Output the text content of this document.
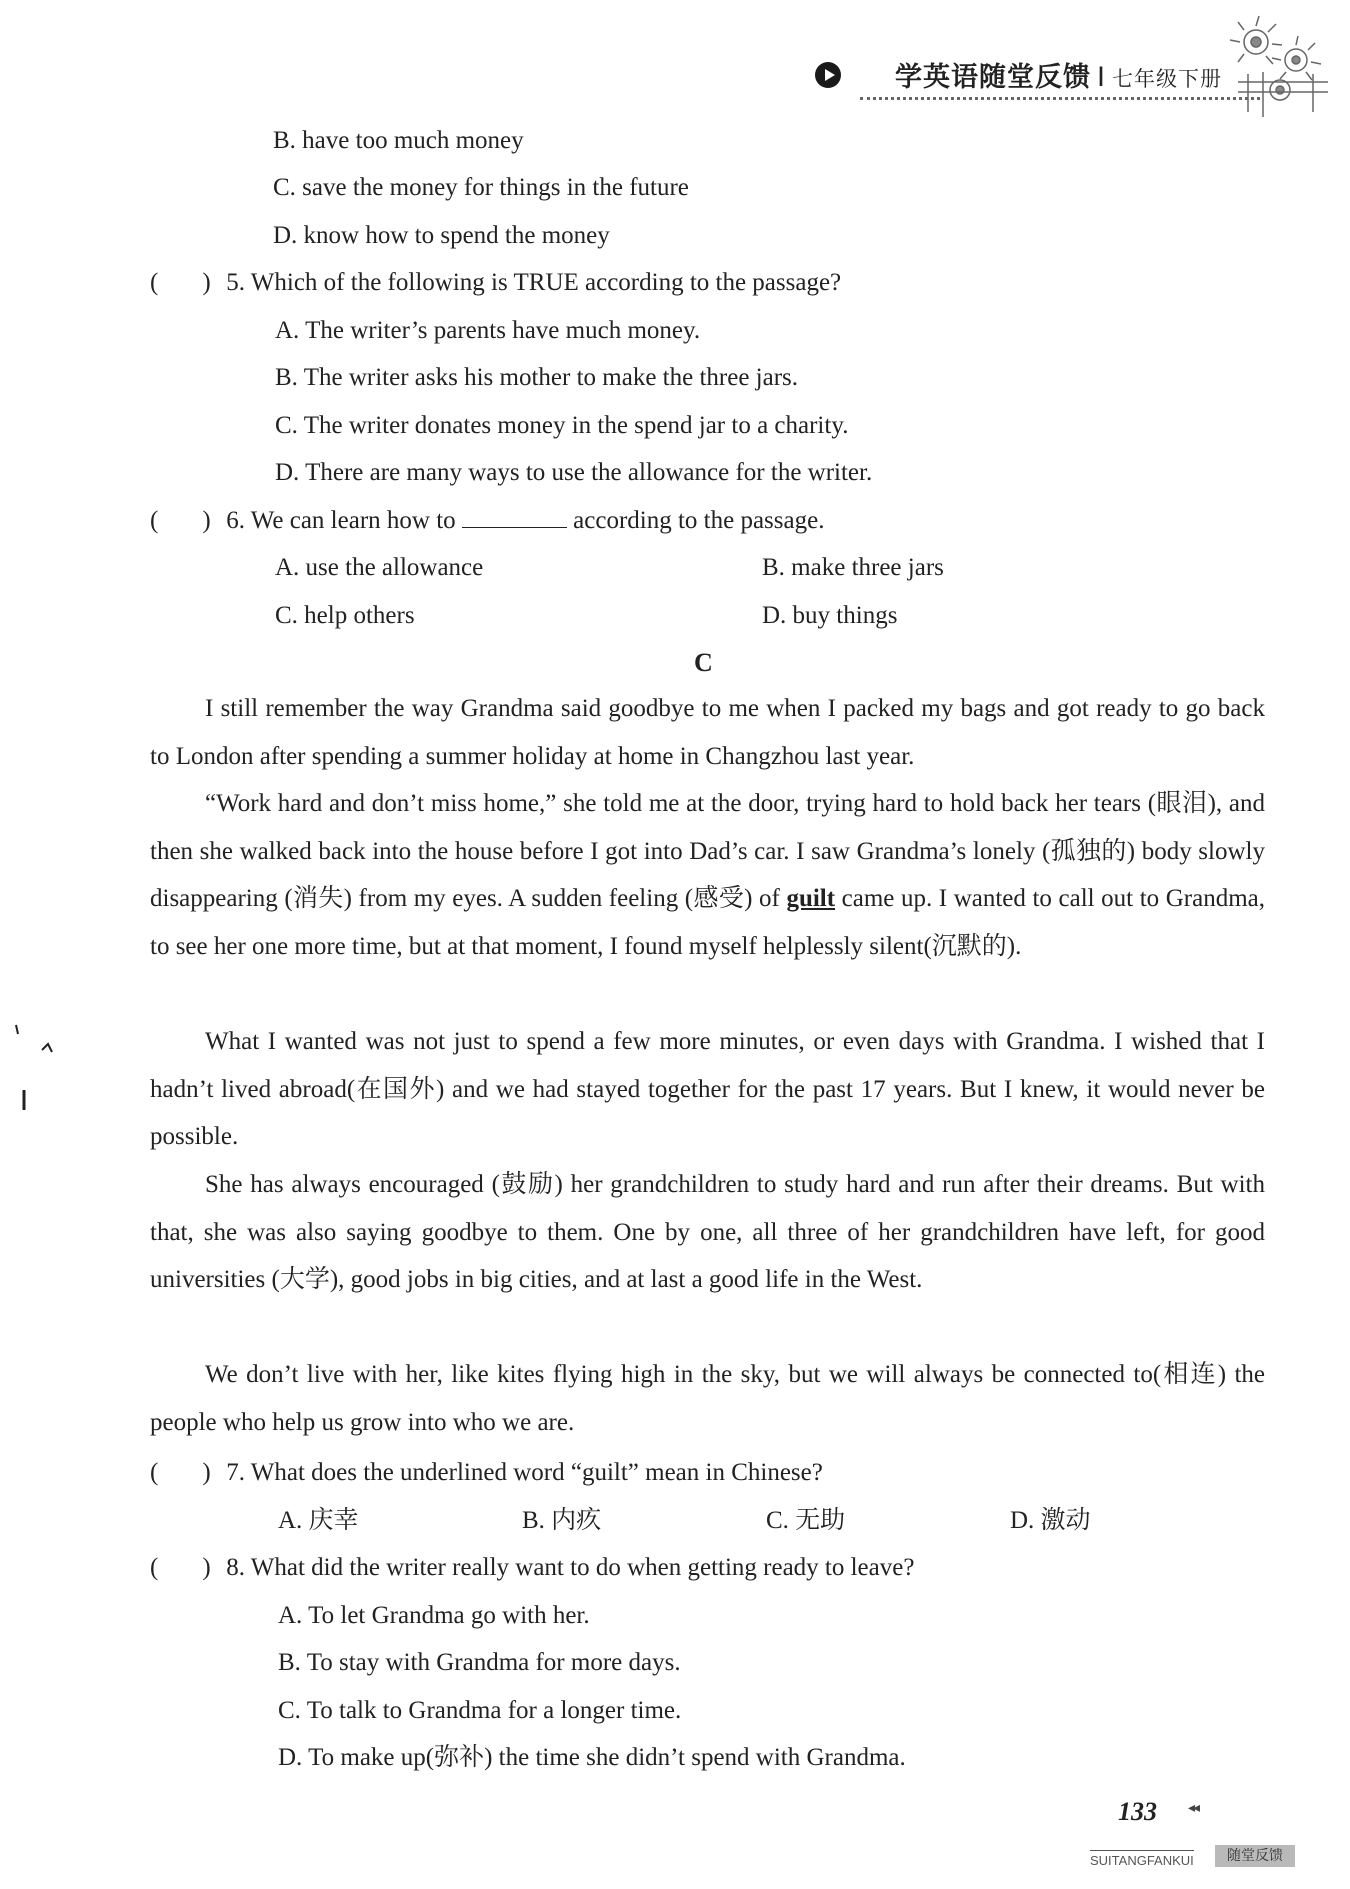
学英语随堂反馈 I 七年级下册
B. have too much money
C. save the money for things in the future
D. know how to spend the money
( ) 5. Which of the following is TRUE according to the passage?
A. The writer’s parents have much money.
B. The writer asks his mother to make the three jars.
C. The writer donates money in the spend jar to a charity.
D. There are many ways to use the allowance for the writer.
( ) 6. We can learn how to	according to the passage.
A. use the allowance	B. make three jars
C. help others	D. buy things
C
I still remember the way Grandma said goodbye to me when I packed my bags and got ready to go back to London after spending a summer holiday at home in Changzhou last year.
“Work hard and don’t miss home,” she told me at the door, trying hard to hold back her tears (眼泪), and then she walked back into the house before I got into Dad’s car. I saw Grandma’s lonely (孤独的) body slowly disappearing (消失) from my eyes. A sudden feeling (感受) of guilt came up. I wanted to call out to Grandma, to see her one more time, but at that moment, I found myself helplessly silent(沉默的).
What I wanted was not just to spend a few more minutes, or even days with Grandma. I wished that I hadn’t lived abroad(在国外) and we had stayed together for the past 17 years. But I knew, it would never be possible.
She has always encouraged (鼓励) her grandchildren to study hard and run after their dreams. But with that, she was also saying goodbye to them. One by one, all three of her grandchildren have left, for good universities (大学), good jobs in big cities, and at last a good life in the West.
We don’t live with her, like kites flying high in the sky, but we will always be connected to(相连) the people who help us grow into who we are.
( ) 7. What does the underlined word “guilt” mean in Chinese?
A. 庆幸	B. 内疚	C. 无助	D. 激动
( ) 8. What did the writer really want to do when getting ready to leave?
A. To let Grandma go with her.
B. To stay with Grandma for more days.
C. To talk to Grandma for a longer time.
D. To make up(弥补) the time she didn’t spend with Grandma.
133 ◂◂
SUITANGFANKUI	随堂反馈
